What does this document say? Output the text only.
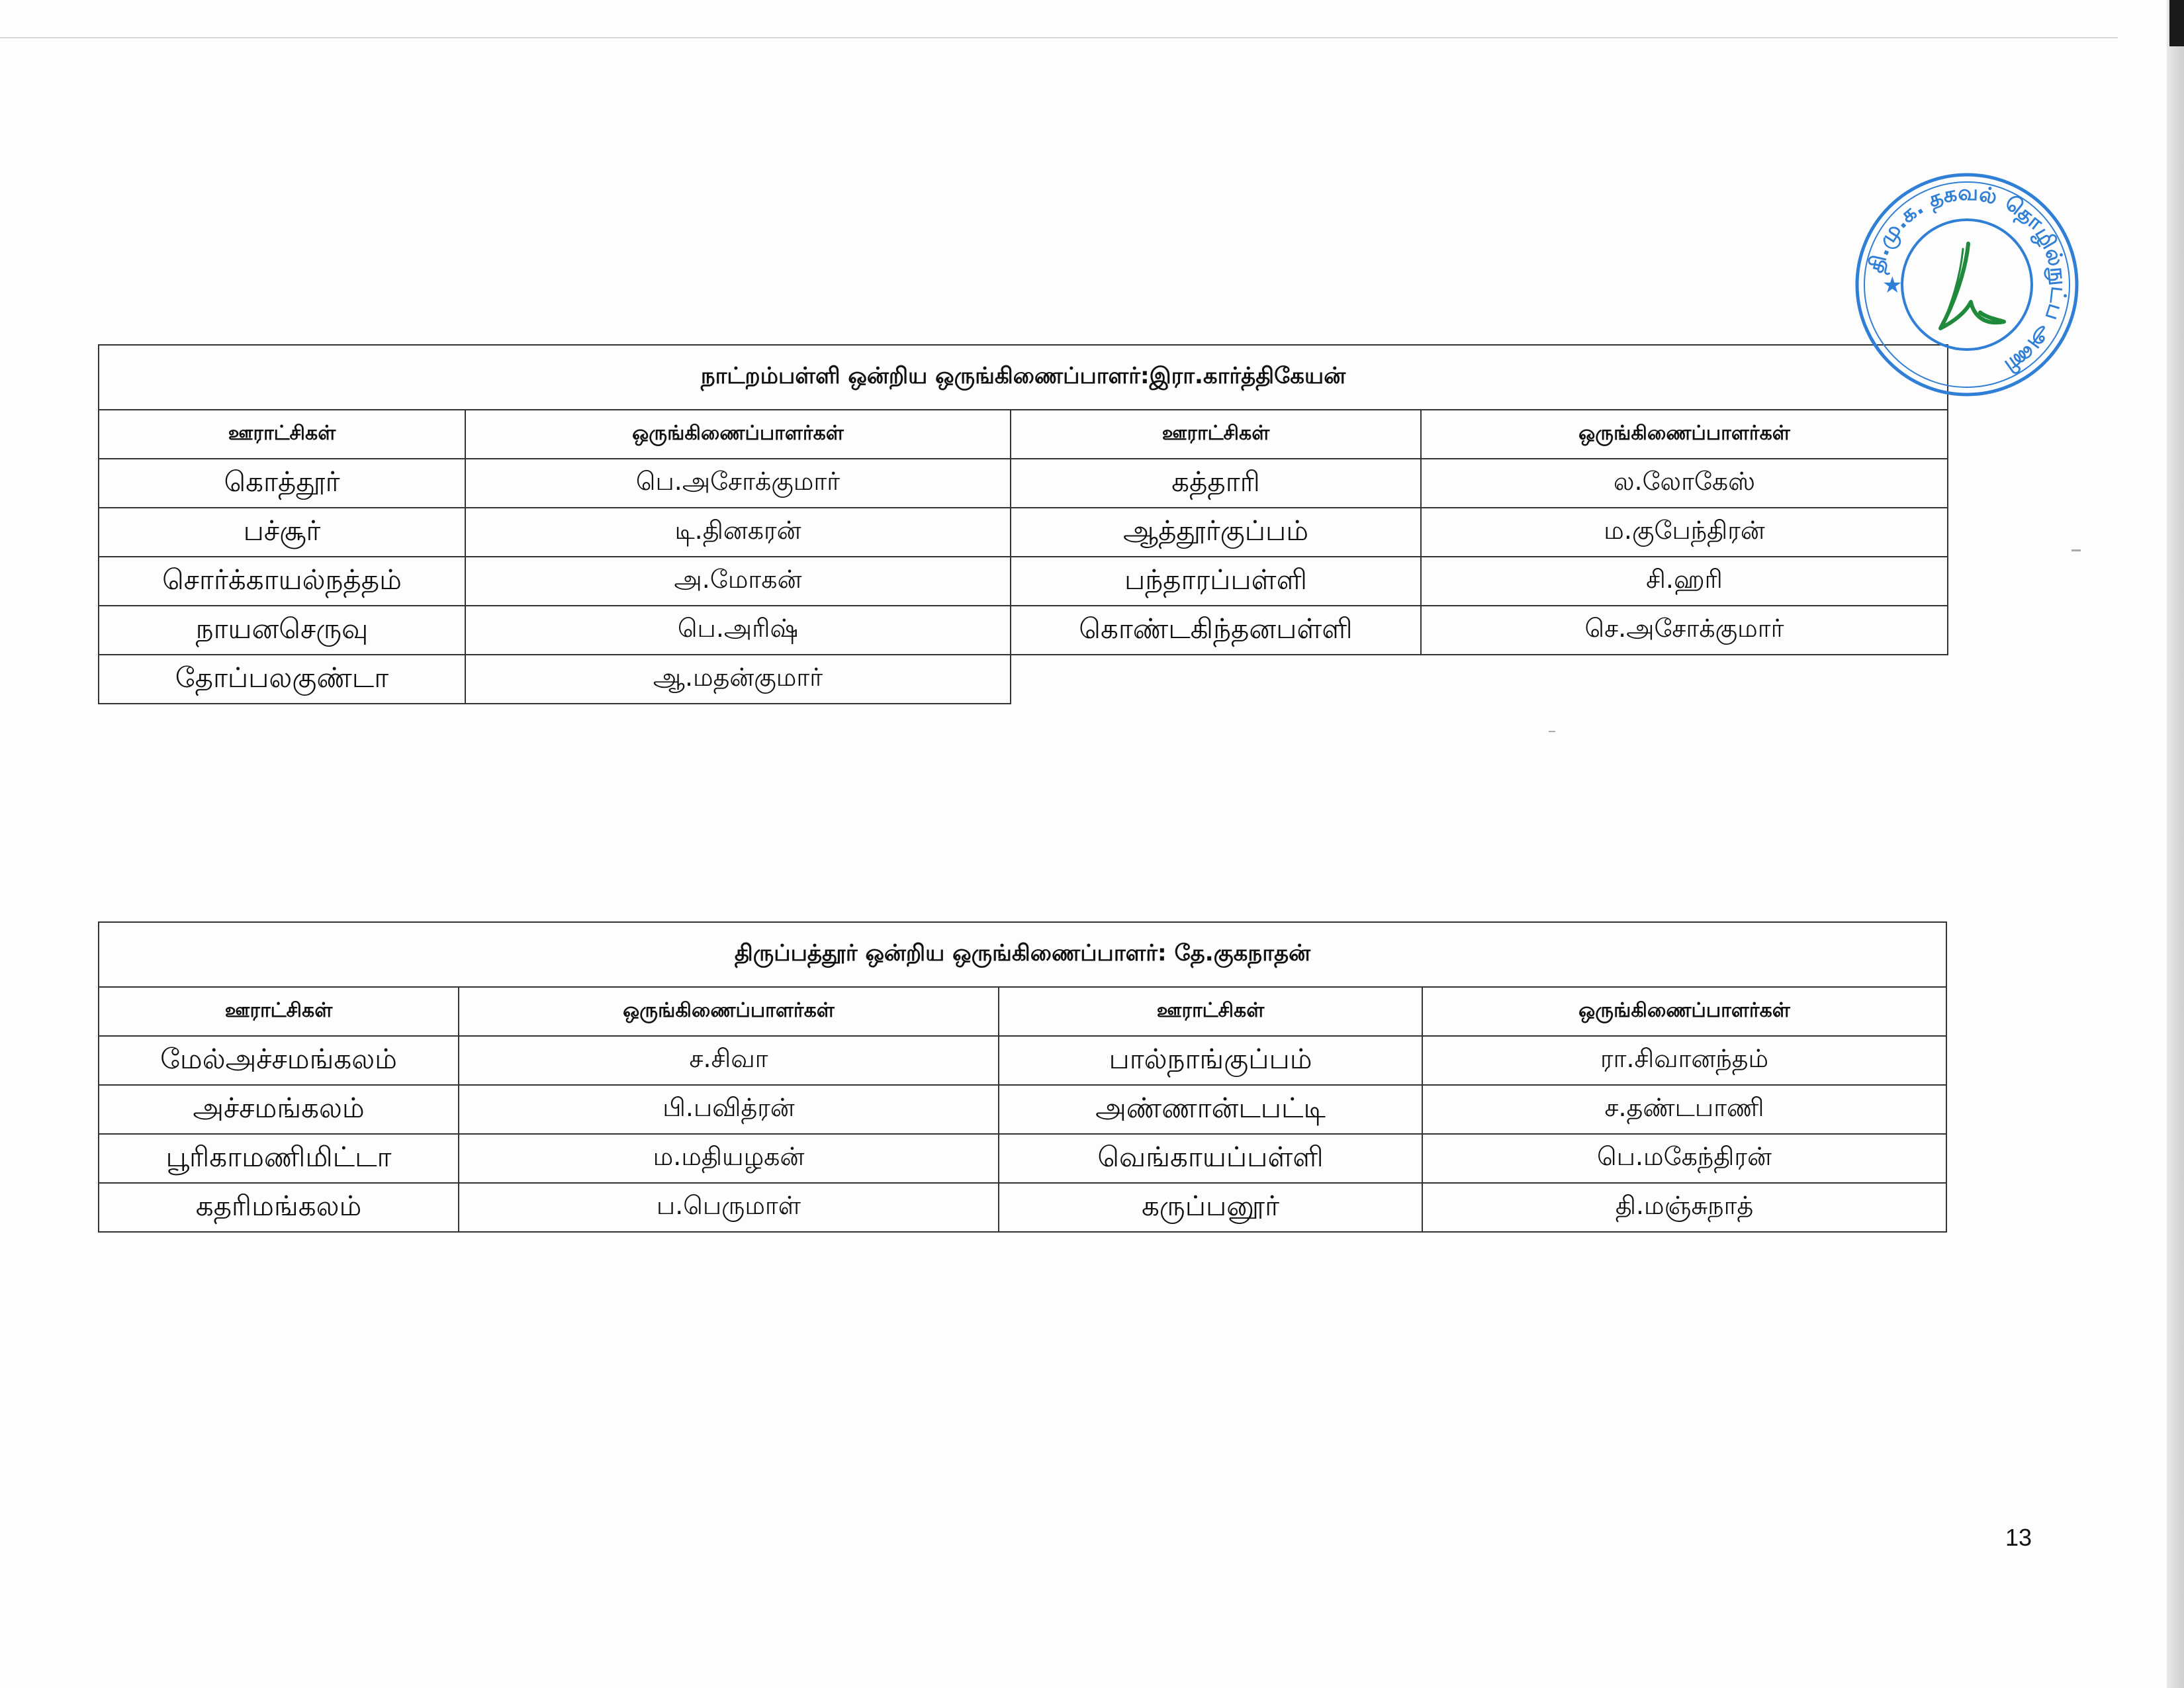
நாட்றம்பள்ளி ஒன்றிய ஒருங்கிணைப்பாளர்:இரா.கார்த்திகேயன்			
ஊராட்சிகள்	ஒருங்கிணைப்பாளர்கள்	ஊராட்சிகள்	ஒருங்கிணைப்பாளர்கள்
கொத்தூர்	பெ.அசோக்குமார்	கத்தாரி	ல.லோகேஸ்
பச்சூர்	டி.தினகரன்	ஆத்தூர்குப்பம்	ம.குபேந்திரன்
சொர்க்காயல்நத்தம்	அ.மோகன்	பந்தாரப்பள்ளி	சி.ஹரி
நாயனசெருவு	பெ.அரிஷ்	கொண்டகிந்தனபள்ளி	செ.அசோக்குமார்
தோப்பலகுண்டா	ஆ.மதன்குமார்		
திருப்பத்தூர் ஒன்றிய ஒருங்கிணைப்பாளர்: தே.குகநாதன்			
ஊராட்சிகள்	ஒருங்கிணைப்பாளர்கள்	ஊராட்சிகள்	ஒருங்கிணைப்பாளர்கள்
மேல்அச்சமங்கலம்	ச.சிவா	பால்நாங்குப்பம்	ரா.சிவானந்தம்
அச்சமங்கலம்	பி.பவித்ரன்	அண்ணான்டபட்டி	ச.தண்டபாணி
பூரிகாமணிமிட்டா	ம.மதியழகன்	வெங்காயப்பள்ளி	பெ.மகேந்திரன்
கதரிமங்கலம்	ப.பெருமாள்	கருப்பனூர்	தி.மஞ்சுநாத்
தி.மு.க. தகவல் தொழில்நுட்ப அணி
★
13
